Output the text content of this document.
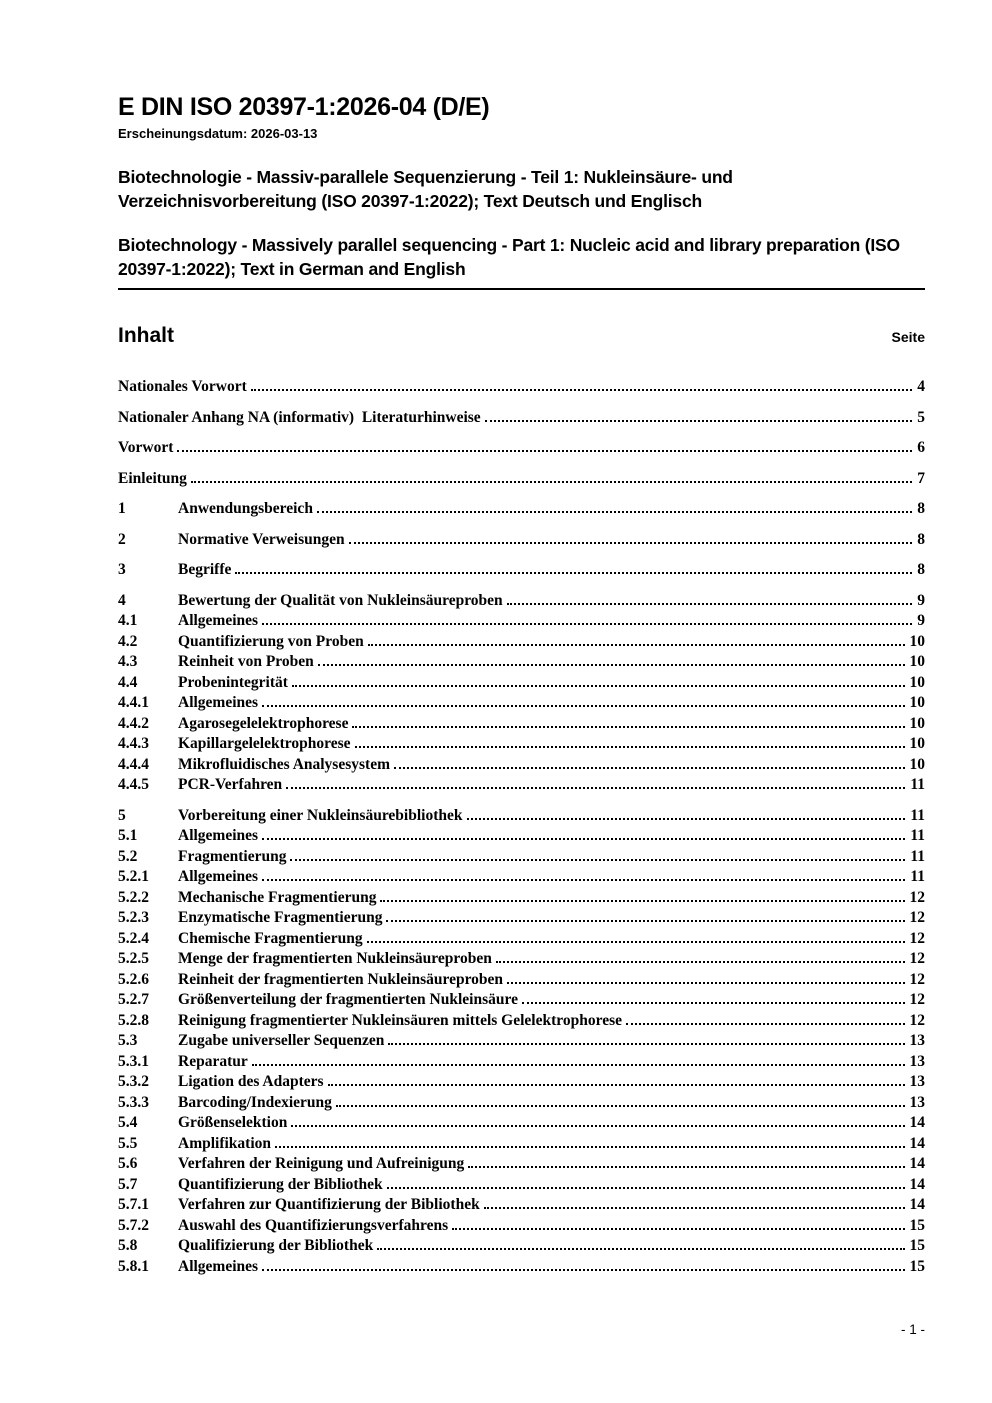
E DIN ISO 20397-1:2026-04 (D/E)
Erscheinungsdatum: 2026-03-13
Biotechnologie - Massiv-parallele Sequenzierung - Teil 1: Nukleinsäure- und Verzeichnisvorbereitung (ISO 20397-1:2022); Text Deutsch und Englisch
Biotechnology - Massively parallel sequencing - Part 1: Nucleic acid and library preparation (ISO 20397-1:2022); Text in German and English
Inhalt	Seite
Nationales Vorwort	4
Nationaler Anhang NA (informativ)  Literaturhinweise	5
Vorwort	6
Einleitung	7
1	Anwendungsbereich	8
2	Normative Verweisungen	8
3	Begriffe	8
4	Bewertung der Qualität von Nukleinsäureproben	9
4.1	Allgemeines	9
4.2	Quantifizierung von Proben	10
4.3	Reinheit von Proben	10
4.4	Probenintegrität	10
4.4.1	Allgemeines	10
4.4.2	Agarosegelelektrophorese	10
4.4.3	Kapillargelelektrophorese	10
4.4.4	Mikrofluidisches Analysesystem	10
4.4.5	PCR-Verfahren	11
5	Vorbereitung einer Nukleinsäurebibliothek	11
5.1	Allgemeines	11
5.2	Fragmentierung	11
5.2.1	Allgemeines	11
5.2.2	Mechanische Fragmentierung	12
5.2.3	Enzymatische Fragmentierung	12
5.2.4	Chemische Fragmentierung	12
5.2.5	Menge der fragmentierten Nukleinsäureproben	12
5.2.6	Reinheit der fragmentierten Nukleinsäureproben	12
5.2.7	Größenverteilung der fragmentierten Nukleinsäure	12
5.2.8	Reinigung fragmentierter Nukleinsäuren mittels Gelelektrophorese	12
5.3	Zugabe universeller Sequenzen	13
5.3.1	Reparatur	13
5.3.2	Ligation des Adapters	13
5.3.3	Barcoding/Indexierung	13
5.4	Größenselektion	14
5.5	Amplifikation	14
5.6	Verfahren der Reinigung und Aufreinigung	14
5.7	Quantifizierung der Bibliothek	14
5.7.1	Verfahren zur Quantifizierung der Bibliothek	14
5.7.2	Auswahl des Quantifizierungsverfahrens	15
5.8	Qualifizierung der Bibliothek	15
5.8.1	Allgemeines	15
- 1 -
